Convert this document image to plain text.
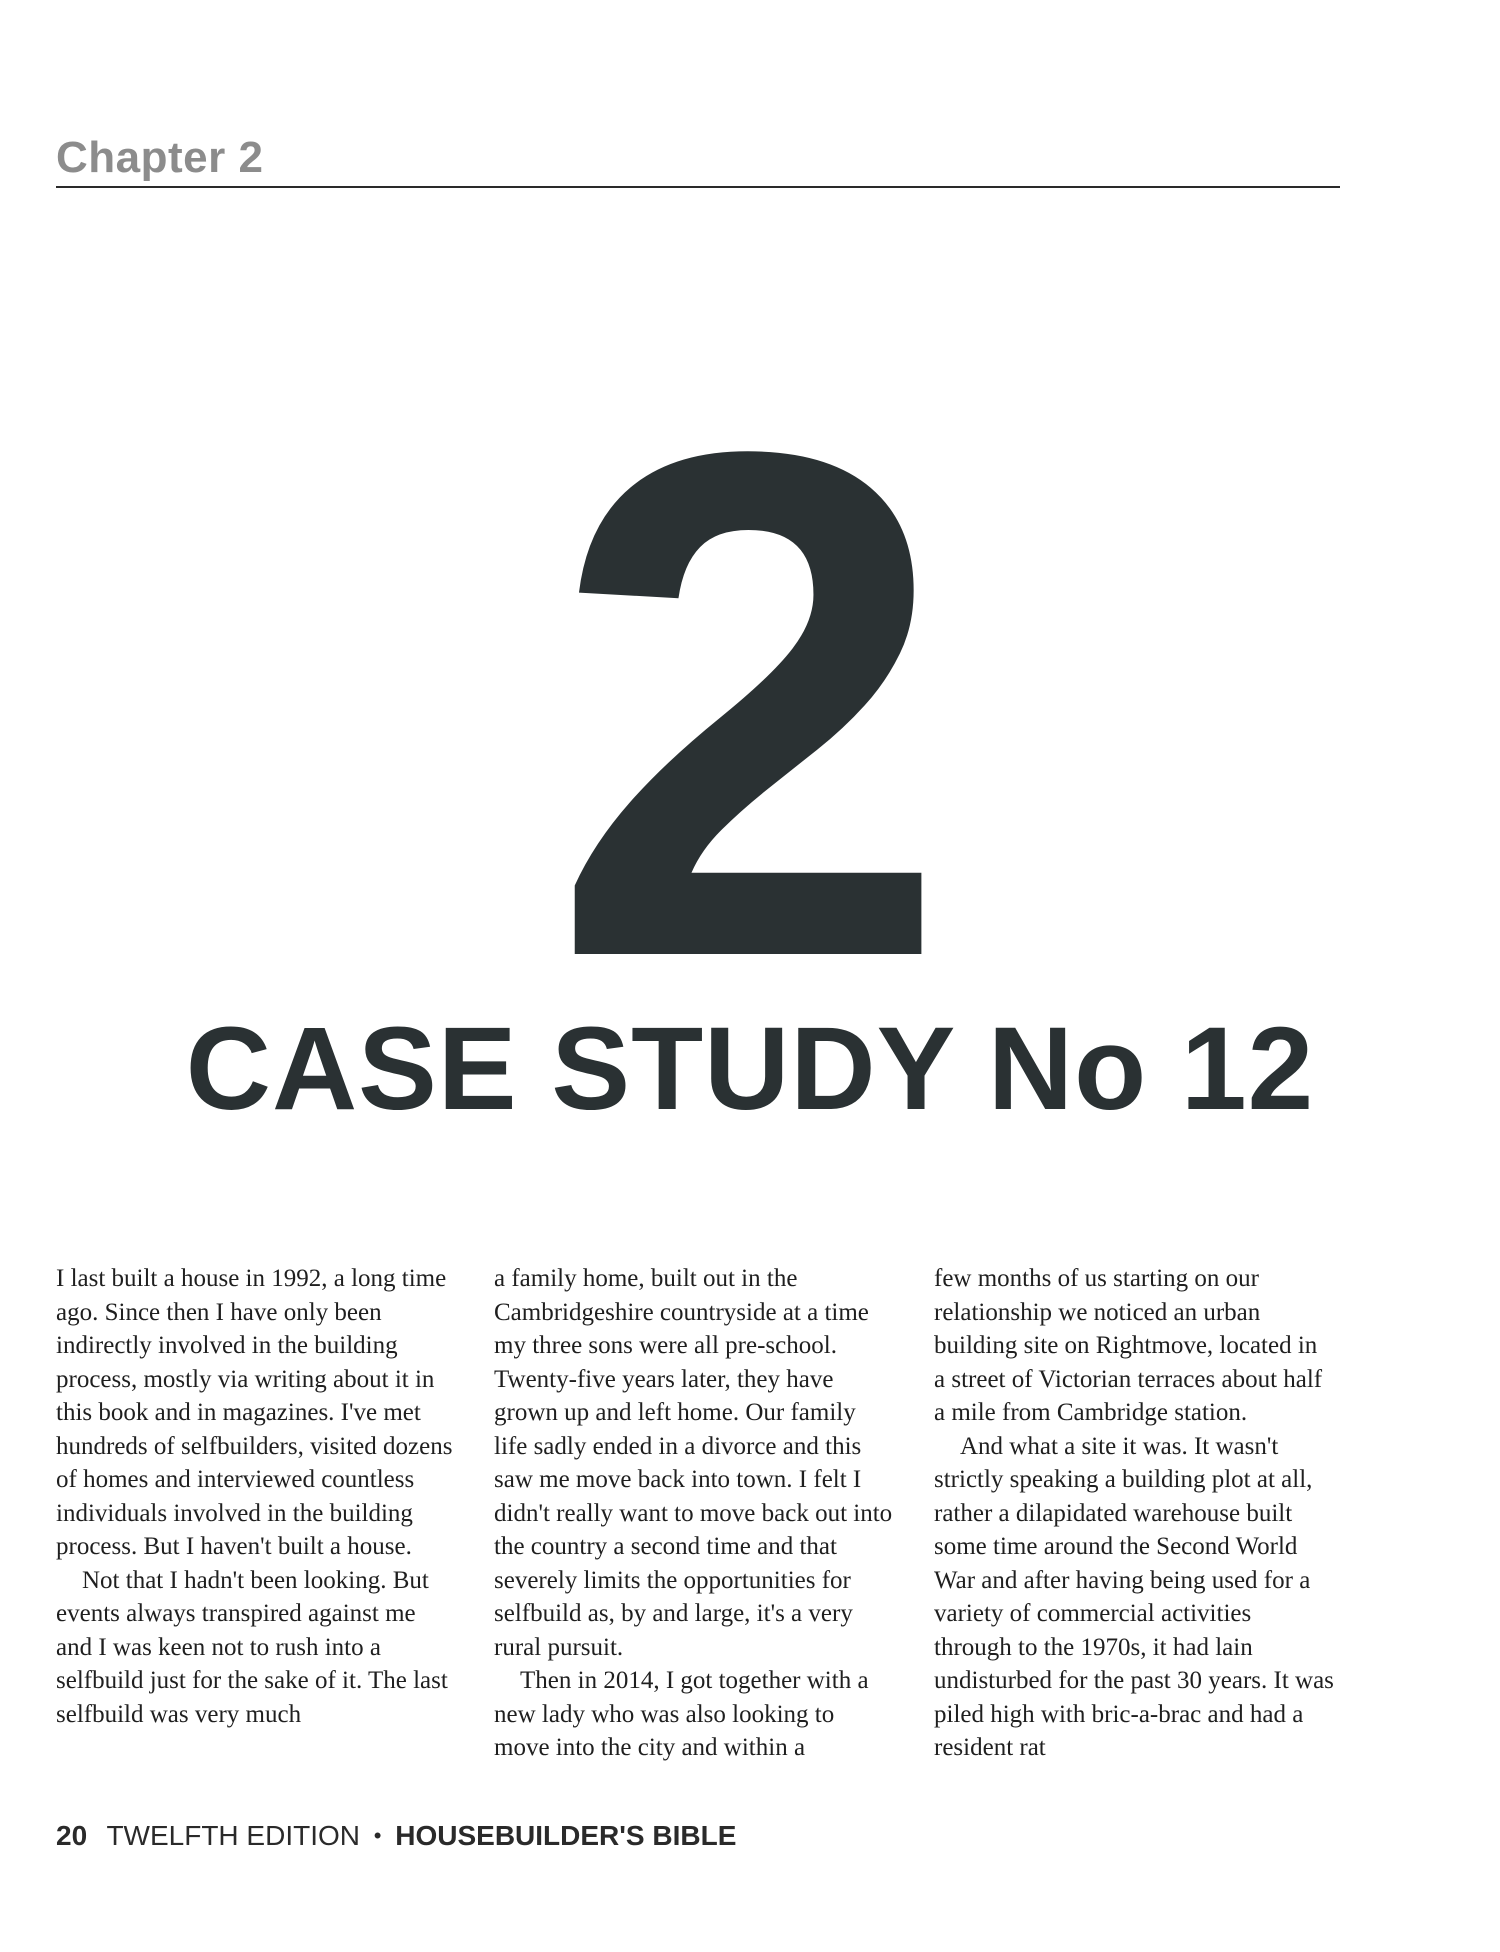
Chapter 2
2
CASE STUDY No 12

I last built a house in 1992, a long time ago. Since then I have only been indirectly involved in the building process, mostly via writing about it in this book and in magazines. I've met hundreds of selfbuilders, visited dozens of homes and interviewed countless individuals involved in the building process. But I haven't built a house.

Not that I hadn't been looking. But events always transpired against me and I was keen not to rush into a selfbuild just for the sake of it. The last selfbuild was very much

a family home, built out in the Cambridgeshire countryside at a time my three sons were all pre-school. Twenty-five years later, they have grown up and left home. Our family life sadly ended in a divorce and this saw me move back into town. I felt I didn't really want to move back out into the country a second time and that severely limits the opportunities for selfbuild as, by and large, it's a very rural pursuit.

Then in 2014, I got together with a new lady who was also looking to move into the city and within a

few months of us starting on our relationship we noticed an urban building site on Rightmove, located in a street of Victorian terraces about half a mile from Cambridge station.

And what a site it was. It wasn't strictly speaking a building plot at all, rather a dilapidated warehouse built some time around the Second World War and after having being used for a variety of commercial activities through to the 1970s, it had lain undisturbed for the past 30 years. It was piled high with bric-a-brac and had a resident rat

20 TWELFTH EDITION • HOUSEBUILDER'S BIBLE
